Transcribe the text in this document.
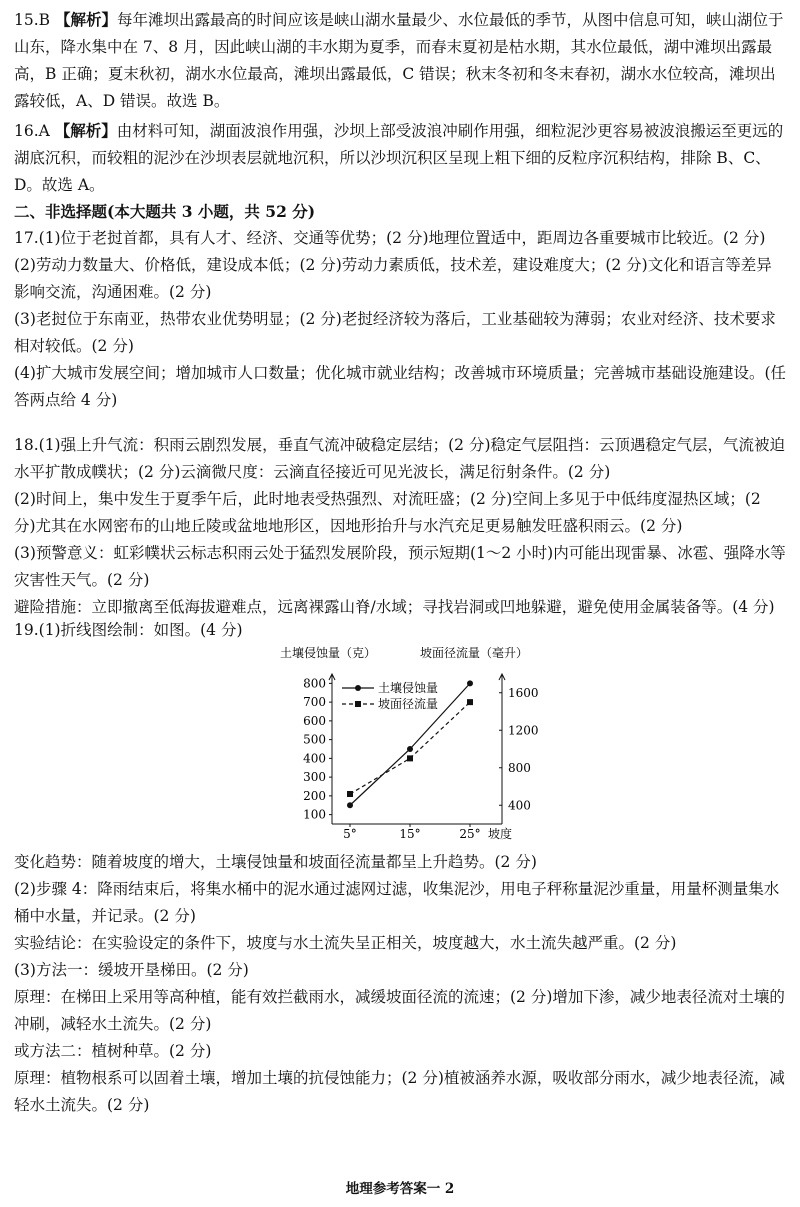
15.B 【解析】每年滩坝出露最高的时间应该是峡山湖水量最少、水位最低的季节，从图中信息可知，峡山湖位于山东，降水集中在 7、8 月，因此峡山湖的丰水期为夏季，而春末夏初是枯水期，其水位最低，湖中滩坝出露最高，B 正确；夏末秋初，湖水水位最高，滩坝出露最低，C 错误；秋末冬初和冬末春初，湖水水位较高，滩坝出露较低，A、D 错误。故选 B。
16.A 【解析】由材料可知，湖面波浪作用强，沙坝上部受波浪冲刷作用强，细粒泥沙更容易被波浪搬运至更远的湖底沉积，而较粗的泥沙在沙坝表层就地沉积，所以沙坝沉积区呈现上粗下细的反粒序沉积结构，排除 B、C、D。故选 A。
二、非选择题(本大题共 3 小题，共 52 分)
17.(1)位于老挝首都，具有人才、经济、交通等优势；(2 分)地理位置适中，距周边各重要城市比较近。(2 分)
(2)劳动力数量大、价格低，建设成本低；(2 分)劳动力素质低，技术差，建设难度大；(2 分)文化和语言等差异影响交流，沟通困难。(2 分)
(3)老挝位于东南亚，热带农业优势明显；(2 分)老挝经济较为落后，工业基础较为薄弱；农业对经济、技术要求相对较低。(2 分)
(4)扩大城市发展空间；增加城市人口数量；优化城市就业结构；改善城市环境质量；完善城市基础设施建设。(任答两点给 4 分)
18.(1)强上升气流：积雨云剧烈发展，垂直气流冲破稳定层结；(2 分)稳定气层阻挡：云顶遇稳定气层，气流被迫水平扩散成幞状；(2 分)云滴微尺度：云滴直径接近可见光波长，满足衍射条件。(2 分)
(2)时间上，集中发生于夏季午后，此时地表受热强烈、对流旺盛；(2 分)空间上多见于中低纬度湿热区域；(2 分)尤其在水网密布的山地丘陵或盆地地形区，因地形抬升与水汽充足更易触发旺盛积雨云。(2 分)
(3)预警意义：虹彩幞状云标志积雨云处于猛烈发展阶段，预示短期(1～2 小时)内可能出现雷暴、冰雹、强降水等灾害性天气。(2 分)
避险措施：立即撤离至低海拔避难点，远离裸露山脊/水域；寻找岩洞或凹地躲避，避免使用金属装备等。(4 分)
19.(1)折线图绘制：如图。(4 分)
土壤侵蚀量（克）	坡面径流量（毫升）
800
700
600
500
400
300
200
100
1600
1200
800
400
5°	15°	25°
土壤侵蚀量
坡面径流量
坡度
变化趋势：随着坡度的增大，土壤侵蚀量和坡面径流量都呈上升趋势。(2 分)
(2)步骤 4：降雨结束后，将集水桶中的泥水通过滤网过滤，收集泥沙，用电子秤称量泥沙重量，用量杯测量集水桶中水量，并记录。(2 分)
实验结论：在实验设定的条件下，坡度与水土流失呈正相关，坡度越大，水土流失越严重。(2 分)
(3)方法一：缓坡开垦梯田。(2 分)
原理：在梯田上采用等高种植，能有效拦截雨水，减缓坡面径流的流速；(2 分)增加下渗，减少地表径流对土壤的冲刷，减轻水土流失。(2 分)
或方法二：植树种草。(2 分)
原理：植物根系可以固着土壤，增加土壤的抗侵蚀能力；(2 分)植被涵养水源，吸收部分雨水，减少地表径流，减轻水土流失。(2 分)
地理参考答案一 2
